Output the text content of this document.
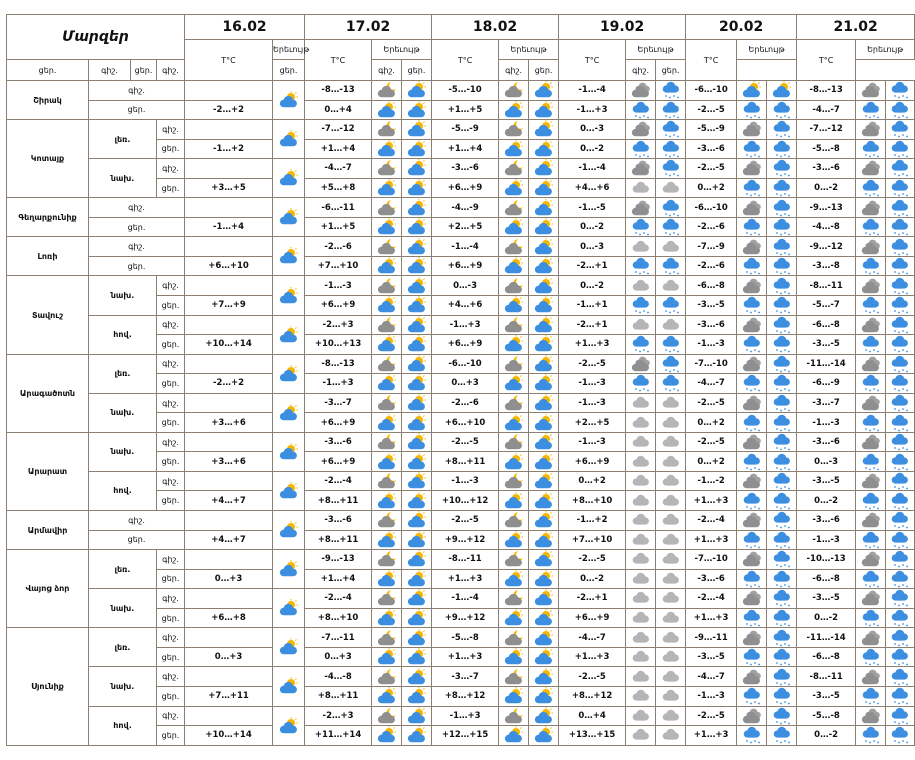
Մարզեր				16.02		17.02			18.02			19.02			20.02			21.02		
				T°C	Երեւույթ	T°C	Երեւույթ		T°C	Երեւույթ		T°C	Երեւույթ		T°C	Երեւույթ		T°C	Երեւույթ	
ցեր.	գիշ.	ցեր.	գիշ.		ցեր.		գիշ.	ցեր.		գիշ.	ցեր.		գիշ.	ցեր.						
Շիրակ	գիշ.					-8…-13			-5…-10			-1…-4			-6…-10			-8…-13	

	ցեր.			-2…+2		0…+4			+1…+5			-1…+3			-2…-5			-4…-7	

Կոտայք	լեռ.		գիշ.			-7…-12			-5…-9			0…-3			-5…-9			-7…-12	

			ցեր.	-1…+2		+1…+4			+1…+4			0…-2			-3…-6			-5…-8	

	նախ.		գիշ.			-4…-7			-3…-6			-1…-4			-2…-5			-3…-6	

			ցեր.	+3…+5		+5…+8			+6…+9			+4…+6			0…+2			0…-2	

Գեղարքունիք	գիշ.					-6…-11			-4…-9			-1…-5			-6…-10			-9…-13	

	ցեր.			-1…+4		+1…+5			+2…+5			0…-2			-2…-6			-4…-8	

Լոռի	գիշ.					-2…-6			-1…-4			0…-3			-7…-9			-9…-12	

	ցեր.			+6…+10		+7…+10			+6…+9			-2…+1			-2…-6			-3…-8	

Տավուշ	նախ.		գիշ.			-1…-3			0…-3			0…-2			-6…-8			-8…-11	

			ցեր.	+7…+9		+6…+9			+4…+6			-1…+1			-3…-5			-5…-7	

	հով.		գիշ.			-2…+3			-1…+3			-2…+1			-3…-6			-6…-8	

			ցեր.	+10…+14		+10…+13			+6…+9			+1…+3			-1…-3			-3…-5	

Արագածոտն	լեռ.		գիշ.			-8…-13			-6…-10			-2…-5			-7…-10			-11…-14	

			ցեր.	-2…+2		-1…+3			0…+3			-1…-3			-4…-7			-6…-9	

	նախ.		գիշ.			-3…-7			-2…-6			-1…-3			-2…-5			-3…-7	

			ցեր.	+3…+6		+6…+9			+6…+10			+2…+5			0…+2			-1…-3	

Արարատ	նախ.		գիշ.			-3…-6			-2…-5			-1…-3			-2…-5			-3…-6	

			ցեր.	+3…+6		+6…+9			+8…+11			+6…+9			0…+2			0…-3	

	հով.		գիշ.			-2…-4			-1…-3			0…+2			-1…-2			-3…-5	

			ցեր.	+4…+7		+8…+11			+10…+12			+8…+10			+1…+3			0…-2	

Արմավիր	գիշ.					-3…-6			-2…-5			-1…+2			-2…-4			-3…-6	

	ցեր.			+4…+7		+8…+11			+9…+12			+7…+10			+1…+3			-1…-3	

Վայոց ձոր	լեռ.		գիշ.			-9…-13			-8…-11			-2…-5			-7…-10			-10…-13	

			ցեր.	0…+3		+1…+4			+1…+3			0…-2			-3…-6			-6…-8	

	նախ.		գիշ.			-2…-4			-1…-4			-2…+1			-2…-4			-3…-5	

			ցեր.	+6…+8		+8…+10			+9…+12			+6…+9			+1…+3			0…-2	

Սյունիք	լեռ.		գիշ.			-7…-11			-5…-8			-4…-7			-9…-11			-11…-14	

			ցեր.	0…+3		0…+3			+1…+3			+1…+3			-3…-5			-6…-8	

	նախ.		գիշ.			-4…-8			-3…-7			-2…-5			-4…-7			-8…-11	

			ցեր.	+7…+11		+8…+11			+8…+12			+8…+12			-1…-3			-3…-5	

	հով.		գիշ.			-2…+3			-1…+3			0…+4			-2…-5			-5…-8	

			ցեր.	+10…+14		+11…+14			+12…+15			+13…+15			+1…+3			0…-2	
